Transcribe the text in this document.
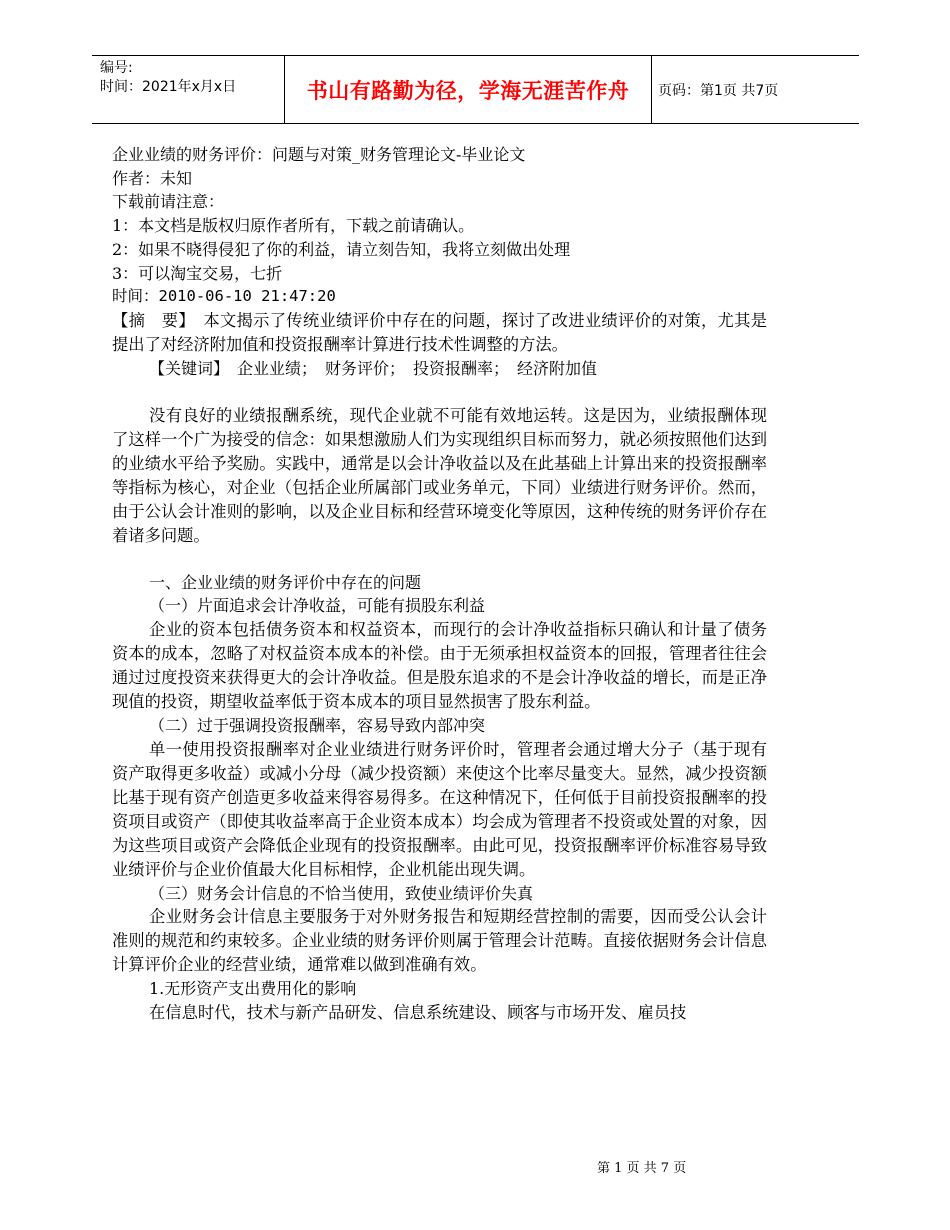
编号:
时间：2021年x月x日	书山有路勤为径，学海无涯苦作舟	页码：第1页 共7页
企业业绩的财务评价：问题与对策_财务管理论文-毕业论文
作者：未知
下载前请注意：
1：本文档是版权归原作者所有，下载之前请确认。
2：如果不晓得侵犯了你的利益，请立刻告知，我将立刻做出处理
3：可以淘宝交易，七折
时间：2010-06-10 21:47:20
【摘　要】　本文揭示了传统业绩评价中存在的问题，探讨了改进业绩评价的对策，尤其是提出了对经济附加值和投资报酬率计算进行技术性调整的方法。
【关键词】　企业业绩；　财务评价；　投资报酬率；　经济附加值
没有良好的业绩报酬系统，现代企业就不可能有效地运转。这是因为，业绩报酬体现了这样一个广为接受的信念：如果想激励人们为实现组织目标而努力，就必须按照他们达到的业绩水平给予奖励。实践中，通常是以会计净收益以及在此基础上计算出来的投资报酬率等指标为核心，对企业（包括企业所属部门或业务单元，下同）业绩进行财务评价。然而，由于公认会计准则的影响，以及企业目标和经营环境变化等原因，这种传统的财务评价存在着诸多问题。
一、企业业绩的财务评价中存在的问题
（一）片面追求会计净收益，可能有损股东利益
企业的资本包括债务资本和权益资本，而现行的会计净收益指标只确认和计量了债务资本的成本，忽略了对权益资本成本的补偿。由于无须承担权益资本的回报，管理者往往会通过过度投资来获得更大的会计净收益。但是股东追求的不是会计净收益的增长，而是正净现值的投资，期望收益率低于资本成本的项目显然损害了股东利益。
（二）过于强调投资报酬率，容易导致内部冲突
单一使用投资报酬率对企业业绩进行财务评价时，管理者会通过增大分子（基于现有资产取得更多收益）或减小分母（减少投资额）来使这个比率尽量变大。显然，减少投资额比基于现有资产创造更多收益来得容易得多。在这种情况下，任何低于目前投资报酬率的投资项目或资产（即使其收益率高于企业资本成本）均会成为管理者不投资或处置的对象，因为这些项目或资产会降低企业现有的投资报酬率。由此可见，投资报酬率评价标准容易导致业绩评价与企业价值最大化目标相悖，企业机能出现失调。
（三）财务会计信息的不恰当使用，致使业绩评价失真
企业财务会计信息主要服务于对外财务报告和短期经营控制的需要，因而受公认会计准则的规范和约束较多。企业业绩的财务评价则属于管理会计范畴。直接依据财务会计信息计算评价企业的经营业绩，通常难以做到准确有效。
1.无形资产支出费用化的影响
在信息时代，技术与新产品研发、信息系统建设、顾客与市场开发、雇员技
第 1 页 共 7 页
